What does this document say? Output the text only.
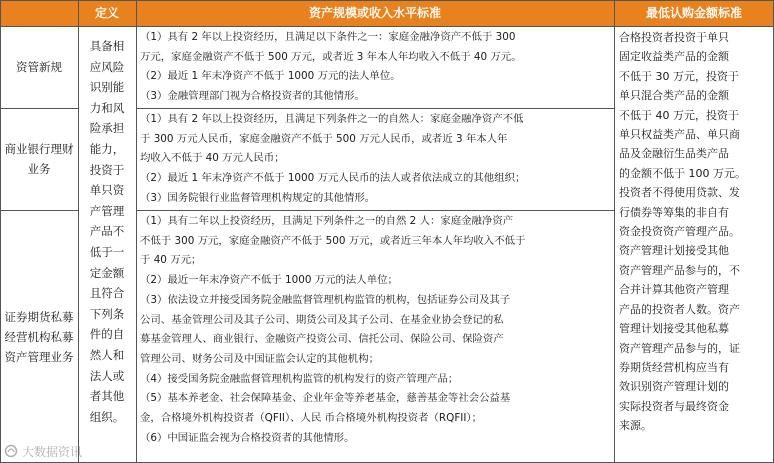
定义	资产规模或收入水平标准	最低认购金额标准
资管新规
商业银行理财业务
证券期货私募经营机构私募资产管理业务
具备相
应风险
识别能
力和风
险承担
能力，
投资于
单只资
产管理
产品不
低于一
定金额
且符合
下列条
件的自
然人和
法人或
者其他
组织。

（1）具有 2 年以上投资经历，且满足以下条件之一：家庭金融净资产不低于 300

万元，家庭金融资产不低于 500 万元，或者近 3 年本人年均收入不低于 40 万元。

（2）最近 1 年末净资产不低于 1000 万元的法人单位。

（3）金融管理部门视为合格投资者的其他情形。

（1）具有 2 年以上投资经历，且满足下列条件之一的自然人：家庭金融净资产不低

于 300 万元人民币，家庭金融资产不低于 500 万元人民币，或者近 3 年本人年

均收入不低于 40 万元人民币；

（2）最近 1 年末净资产不低于 1000 万元人民币的法人或者依法成立的其他组织；

（3）国务院银行业监督管理机构规定的其他情形。

（1）具有二年以上投资经历，且满足下列条件之一的自然 2 人：家庭金融净资产

不低于 300 万元，家庭金融资产不低于 500 万元，或者近三年本人年均收入不低于

于 40 万元；

（2）最近一年末净资产不低于 1000 万元的法人单位；

（3）依法设立并接受国务院金融监督管理机构监管的机构，包括证券公司及其子

公司、基金管理公司及其子公司、期货公司及其子公司、在基金业协会登记的私

募基金管理人、商业银行、金融资产投资公司、信托公司、保险公司、保险资产

管理公司、财务公司及中国证监会认定的其他机构；

（4）接受国务院金融监督管理机构监管的机构发行的资产管理产品；

（5）基本养老金、社会保障基金、企业年金等养老基金，慈善基金等社会公益基

金，合格境外机构投资者（QFII）、人民 币合格境外机构投资者（RQFII）；

（6）中国证监会视为合格投资者的其他情形。

合格投资者投资于单只
固定收益类产品的金额
不低于 30 万元，投资于
单只混合类产品的金额
不低于 40 万元，投资于
单只权益类产品、单只商
品及金融衍生品类产品
的金额不低于 100 万元。
投资者不得使用贷款、发
行债券等筹集的非自有
资金投资资产管理产品。
资产管理计划接受其他
资产管理产品参与的，不
合并计算其他资产管理
产品的投资者人数。资产
管理计划接受其他私募
资产管理产品参与的，证
券期货经营机构应当有
效识别资产管理计划的
实际投资者与最终资金
来源。
大数据资讯
